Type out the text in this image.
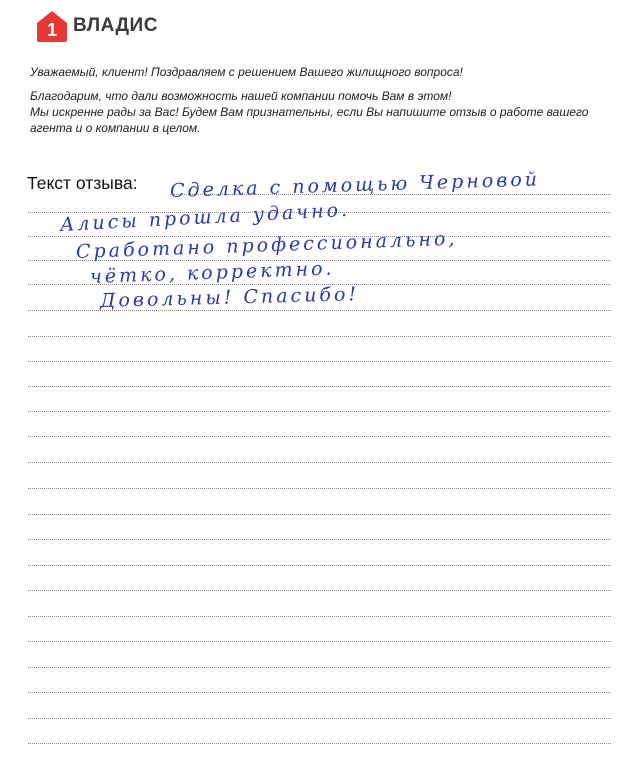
1 ВЛАДИС

Уважаемый, клиент! Поздравляем с решением Вашего жилищного вопроса!

Благодарим, что дали возможность нашей компании помочь Вам в этом!
Мы искренне рады за Вас! Будем Вам признательны, если Вы напишите отзыв о работе вашего агента и о компании в целом.

Текст отзыва: Сделка с помощью Черновой
Алисы прошла удачно.
Сработано профессионально,
чётко, корректно.
Довольны! Спасибо!
